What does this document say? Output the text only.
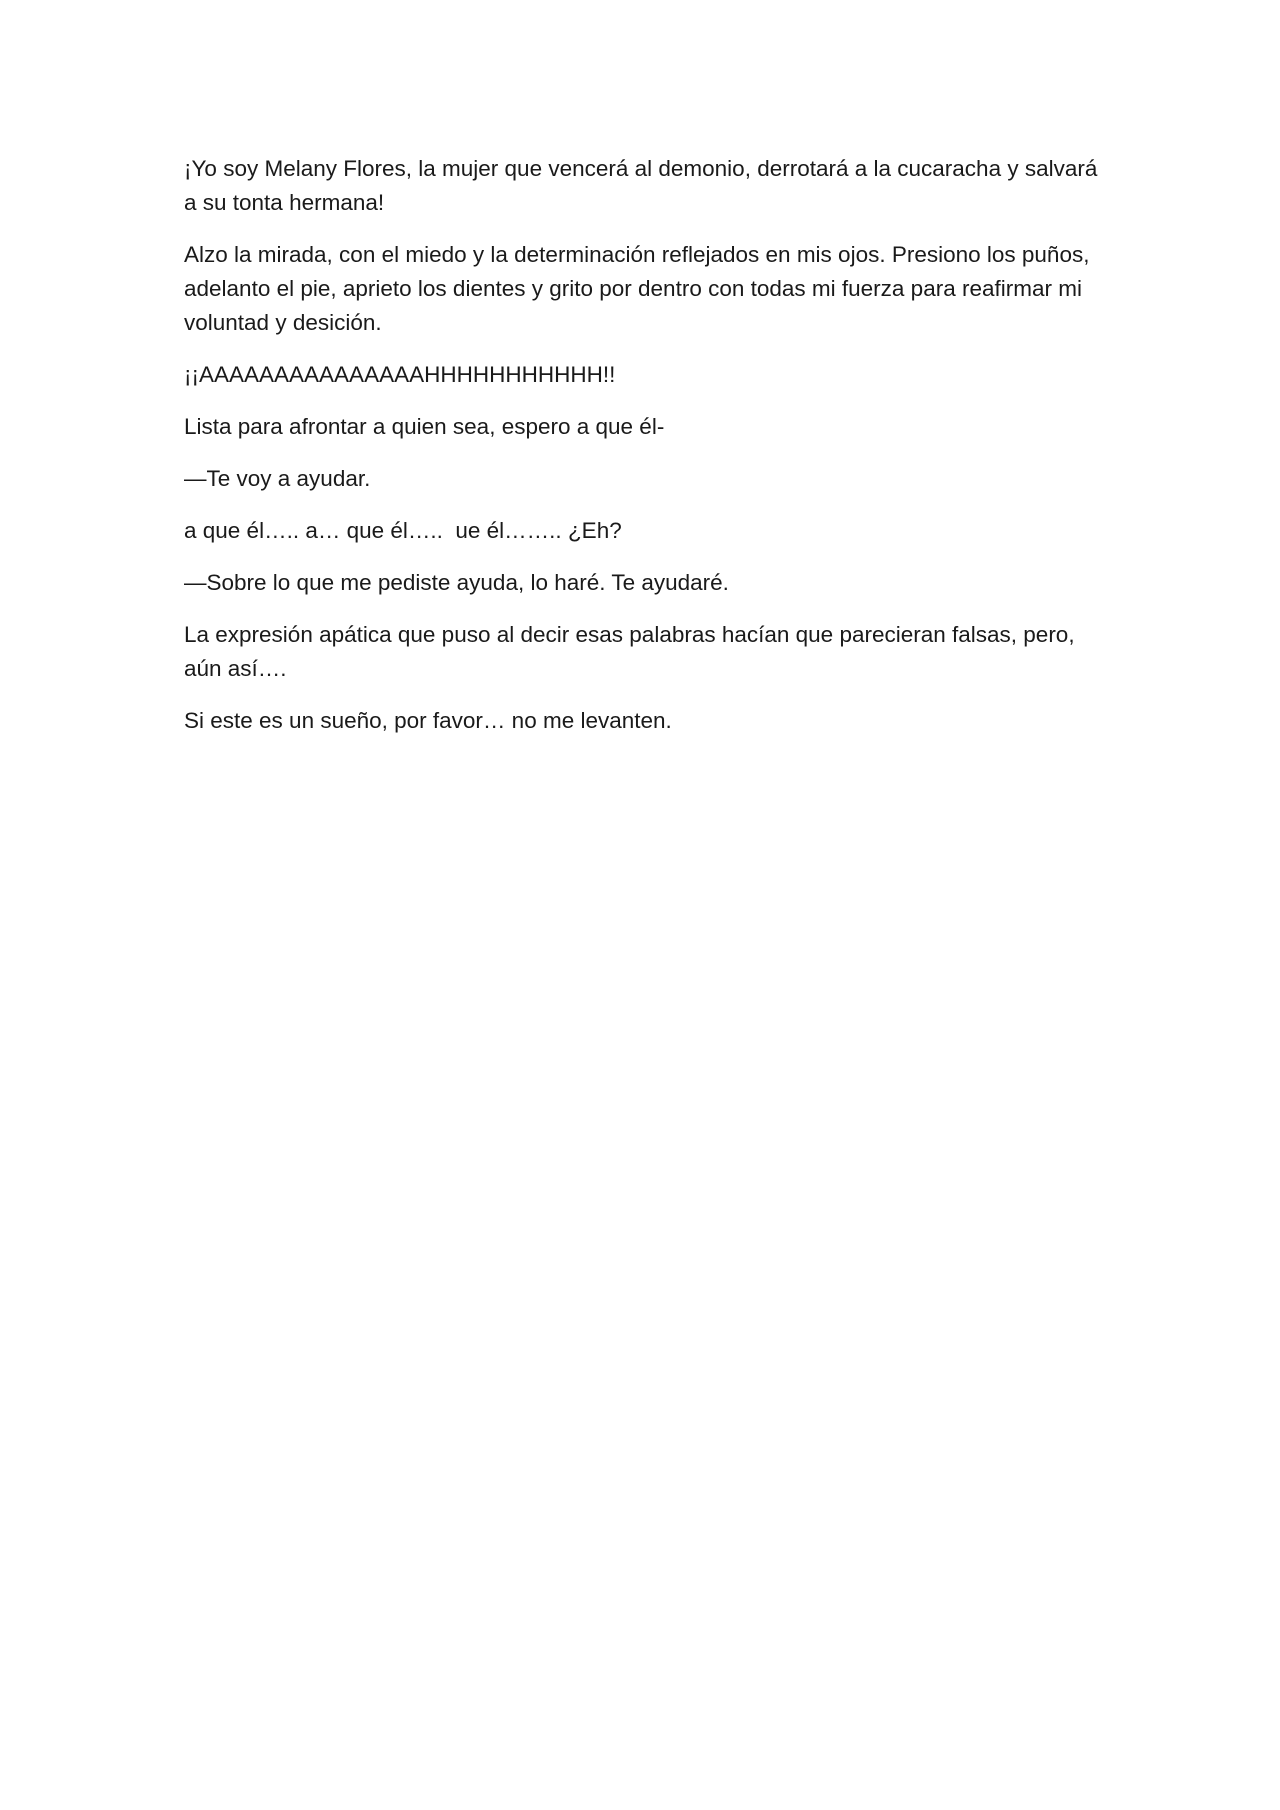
¡Yo soy Melany Flores, la mujer que vencerá al demonio, derrotará a la cucaracha y salvará a su tonta hermana!

Alzo la mirada, con el miedo y la determinación reflejados en mis ojos. Presiono los puños, adelanto el pie, aprieto los dientes y grito por dentro con todas mi fuerza para reafirmar mi voluntad y desición.

¡¡AAAAAAAAAAAAAAAHHHHHHHHHHH!!

Lista para afrontar a quien sea, espero a que él-

—Te voy a ayudar.

a que él….. a… que él…..  ue él…….. ¿Eh?

—Sobre lo que me pediste ayuda, lo haré. Te ayudaré.

La expresión apática que puso al decir esas palabras hacían que parecieran falsas, pero, aún así….

Si este es un sueño, por favor… no me levanten.
